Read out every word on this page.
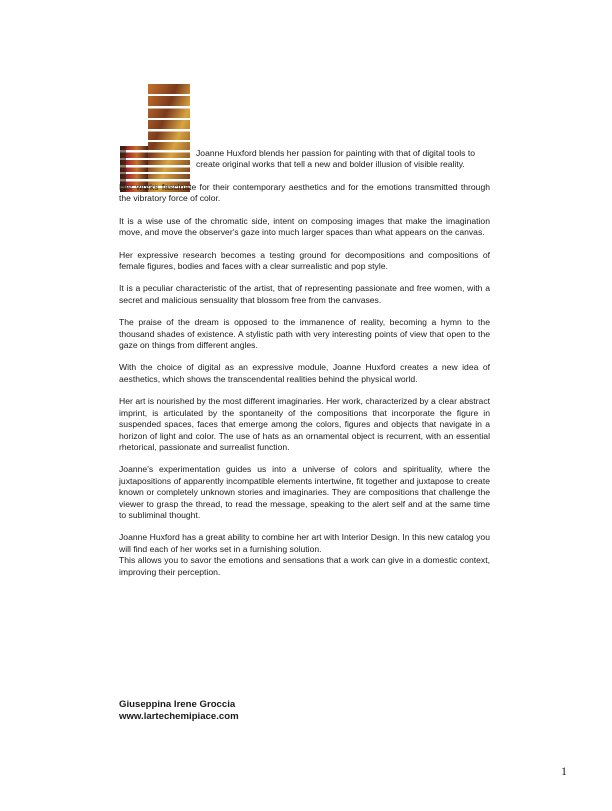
Joanne Huxford blends her passion for painting with that of digital tools to create original works that tell a new and bolder illusion of visible reality.

Her works fascinate for their contemporary aesthetics and for the emotions transmitted through the vibratory force of color.

It is a wise use of the chromatic side, intent on composing images that make the imagination move, and move the observer's gaze into much larger spaces than what appears on the canvas.

Her expressive research becomes a testing ground for decompositions and compositions of female figures, bodies and faces with a clear surrealistic and pop style.

It is a peculiar characteristic of the artist, that of representing passionate and free women, with a secret and malicious sensuality that blossom free from the canvases.

The praise of the dream is opposed to the immanence of reality, becoming a hymn to the thousand shades of existence. A stylistic path with very interesting points of view that open to the gaze on things from different angles.

With the choice of digital as an expressive module, Joanne Huxford creates a new idea of aesthetics, which shows the transcendental realities behind the physical world.

Her art is nourished by the most different imaginaries. Her work, characterized by a clear abstract imprint, is articulated by the spontaneity of the compositions that incorporate the figure in suspended spaces, faces that emerge among the colors, figures and objects that navigate in a horizon of light and color. The use of hats as an ornamental object is recurrent, with an essential rhetorical, passionate and surrealist function.

Joanne's experimentation guides us into a universe of colors and spirituality, where the juxtapositions of apparently incompatible elements intertwine, fit together and juxtapose to create known or completely unknown stories and imaginaries. They are compositions that challenge the viewer to grasp the thread, to read the message, speaking to the alert self and at the same time to subliminal thought.

Joanne Huxford has a great ability to combine her art with Interior Design. In this new catalog you will find each of her works set in a furnishing solution.
This allows you to savor the emotions and sensations that a work can give in a domestic context, improving their perception.

Giuseppina Irene Groccia
www.lartechemipiace.com
1
